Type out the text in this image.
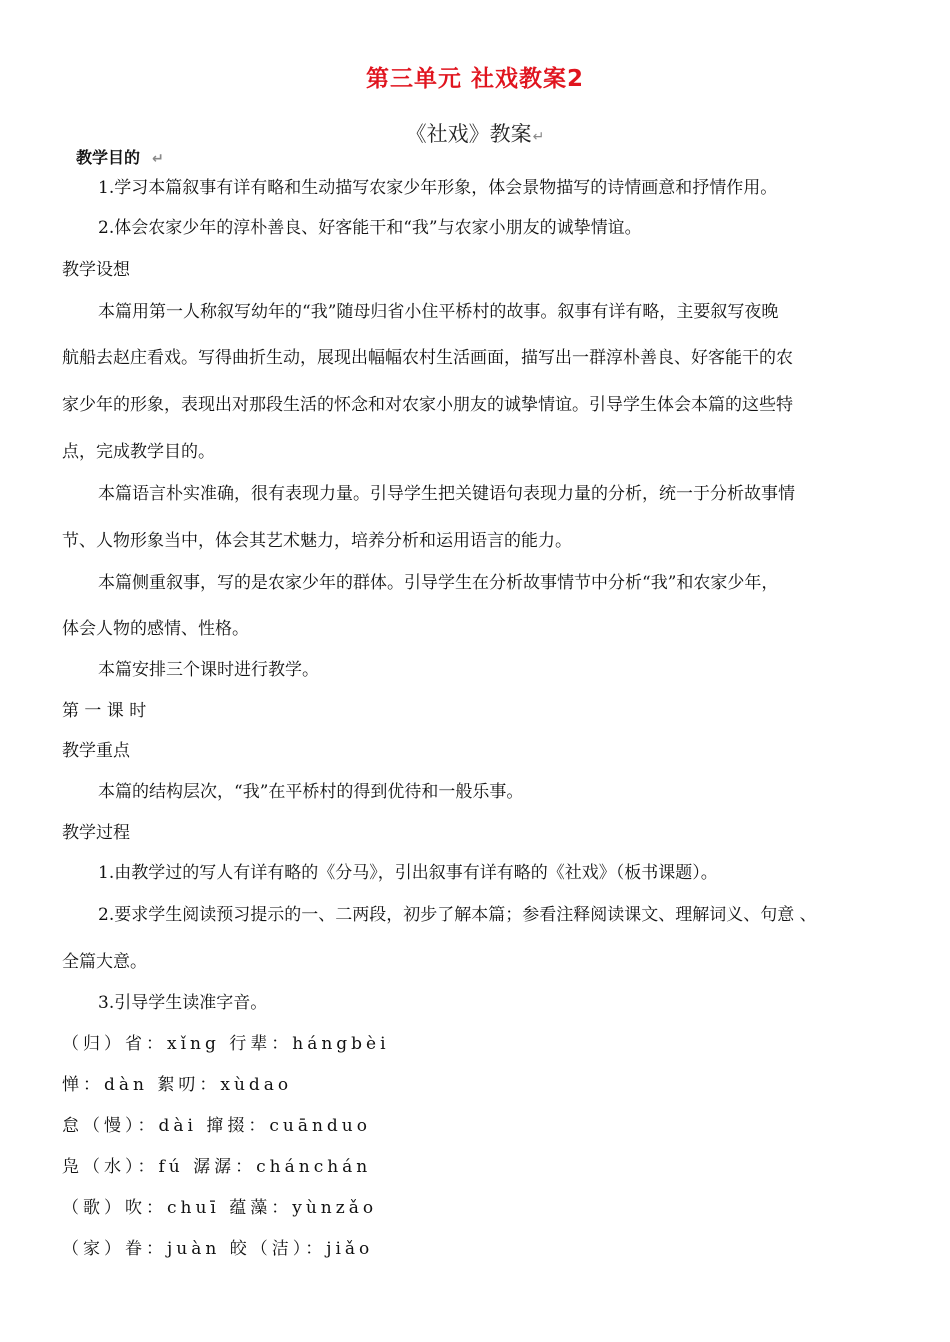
第三单元 社戏教案2
《社戏》教案↵
教学目的 ↵
1.学习本篇叙事有详有略和生动描写农家少年形象，体会景物描写的诗情画意和抒情作用。
2.体会农家少年的淳朴善良、好客能干和“我”与农家小朋友的诚挚情谊。
教学设想
本篇用第一人称叙写幼年的“我”随母归省小住平桥村的故事。叙事有详有略，主要叙写夜晚
航船去赵庄看戏。写得曲折生动，展现出幅幅农村生活画面，描写出一群淳朴善良、好客能干的农
家少年的形象，表现出对那段生活的怀念和对农家小朋友的诚挚情谊。引导学生体会本篇的这些特
点，完成教学目的。
本篇语言朴实准确，很有表现力量。引导学生把关键语句表现力量的分析，统一于分析故事情
节、人物形象当中，体会其艺术魅力，培养分析和运用语言的能力。
本篇侧重叙事，写的是农家少年的群体。引导学生在分析故事情节中分析“我”和农家少年，
体会人物的感情、性格。
本篇安排三个课时进行教学。
第 一 课 时
教学重点
本篇的结构层次，“我”在平桥村的得到优待和一般乐事。
教学过程
1.由教学过的写人有详有略的《分马》，引出叙事有详有略的《社戏》（板书课题）。
2.要求学生阅读预习提示的一、二两段，初步了解本篇；参看注释阅读课文、理解词义、句意 、
全篇大意。
3.引导学生读准字音。
（归）省：xǐng 行辈：hángbèi
惮：dàn 絮叨：xùdao
怠（慢）：dài 撺掇：cuānduo
凫（水）：fú 潺潺：chánchán
（歌）吹：chuī 蕴藻：yùnzǎo
（家）眷：juàn 皎（洁）：jiǎo
